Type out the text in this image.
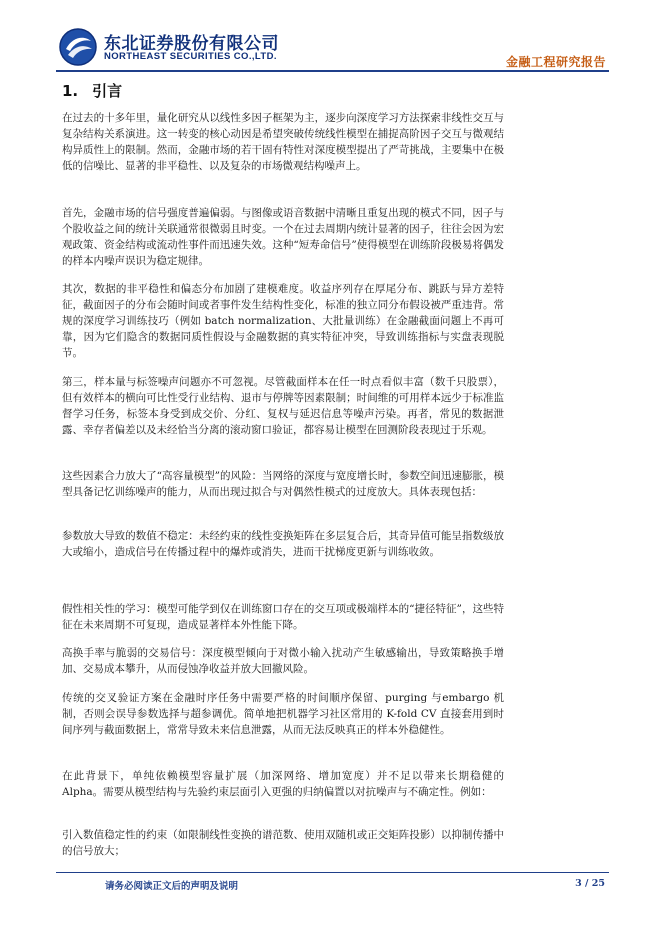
东北证券股份有限公司
NORTHEAST SECURITIES CO.,LTD.	金融工程研究报告
1. 引言

在过去的十多年里，量化研究从以线性多因子框架为主，逐步向深度学习方法探索非线性交互与复杂结构关系演进。这一转变的核心动因是希望突破传统线性模型在捕捉高阶因子交互与微观结构异质性上的限制。然而，金融市场的若干固有特性对深度模型提出了严苛挑战，主要集中在极低的信噪比、显著的非平稳性、以及复杂的市场微观结构噪声上。

首先，金融市场的信号强度普遍偏弱。与图像或语音数据中清晰且重复出现的模式不同，因子与个股收益之间的统计关联通常很微弱且时变。一个在过去周期内统计显著的因子，往往会因为宏观政策、资金结构或流动性事件而迅速失效。这种“短寿命信号”使得模型在训练阶段极易将偶发的样本内噪声误识为稳定规律。

其次，数据的非平稳性和偏态分布加剧了建模难度。收益序列存在厚尾分布、跳跃与异方差特征，截面因子的分布会随时间或者事件发生结构性变化，标准的独立同分布假设被严重违背。常规的深度学习训练技巧（例如 batch normalization、大批量训练）在金融截面问题上不再可靠，因为它们隐含的数据同质性假设与金融数据的真实特征冲突，导致训练指标与实盘表现脱节。

第三，样本量与标签噪声问题亦不可忽视。尽管截面样本在任一时点看似丰富（数千只股票），但有效样本的横向可比性受行业结构、退市与停牌等因素限制；时间维的可用样本远少于标准监督学习任务，标签本身受到成交价、分红、复权与延迟信息等噪声污染。再者，常见的数据泄露、幸存者偏差以及未经恰当分离的滚动窗口验证，都容易让模型在回测阶段表现过于乐观。

这些因素合力放大了“高容量模型”的风险：当网络的深度与宽度增长时，参数空间迅速膨胀，模型具备记忆训练噪声的能力，从而出现过拟合与对偶然性模式的过度放大。具体表现包括：

参数放大导致的数值不稳定：未经约束的线性变换矩阵在多层复合后，其奇异值可能呈指数级放大或缩小，造成信号在传播过程中的爆炸或消失，进而干扰梯度更新与训练收敛。

假性相关性的学习：模型可能学到仅在训练窗口存在的交互项或极端样本的“捷径特征”，这些特征在未来周期不可复现，造成显著样本外性能下降。

高换手率与脆弱的交易信号：深度模型倾向于对微小输入扰动产生敏感输出，导致策略换手增加、交易成本攀升，从而侵蚀净收益并放大回撤风险。

传统的交叉验证方案在金融时序任务中需要严格的时间顺序保留、purging 与embargo 机制，否则会误导参数选择与超参调优。简单地把机器学习社区常用的 K-fold CV 直接套用到时间序列与截面数据上，常常导致未来信息泄露，从而无法反映真正的样本外稳健性。

在此背景下，单纯依赖模型容量扩展（加深网络、增加宽度）并不足以带来长期稳健的 Alpha。需要从模型结构与先验约束层面引入更强的归纳偏置以对抗噪声与不确定性。例如：

引入数值稳定性的约束（如限制线性变换的谱范数、使用双随机或正交矩阵投影）以抑制传播中的信号放大；

请务必阅读正文后的声明及说明	3 / 25
